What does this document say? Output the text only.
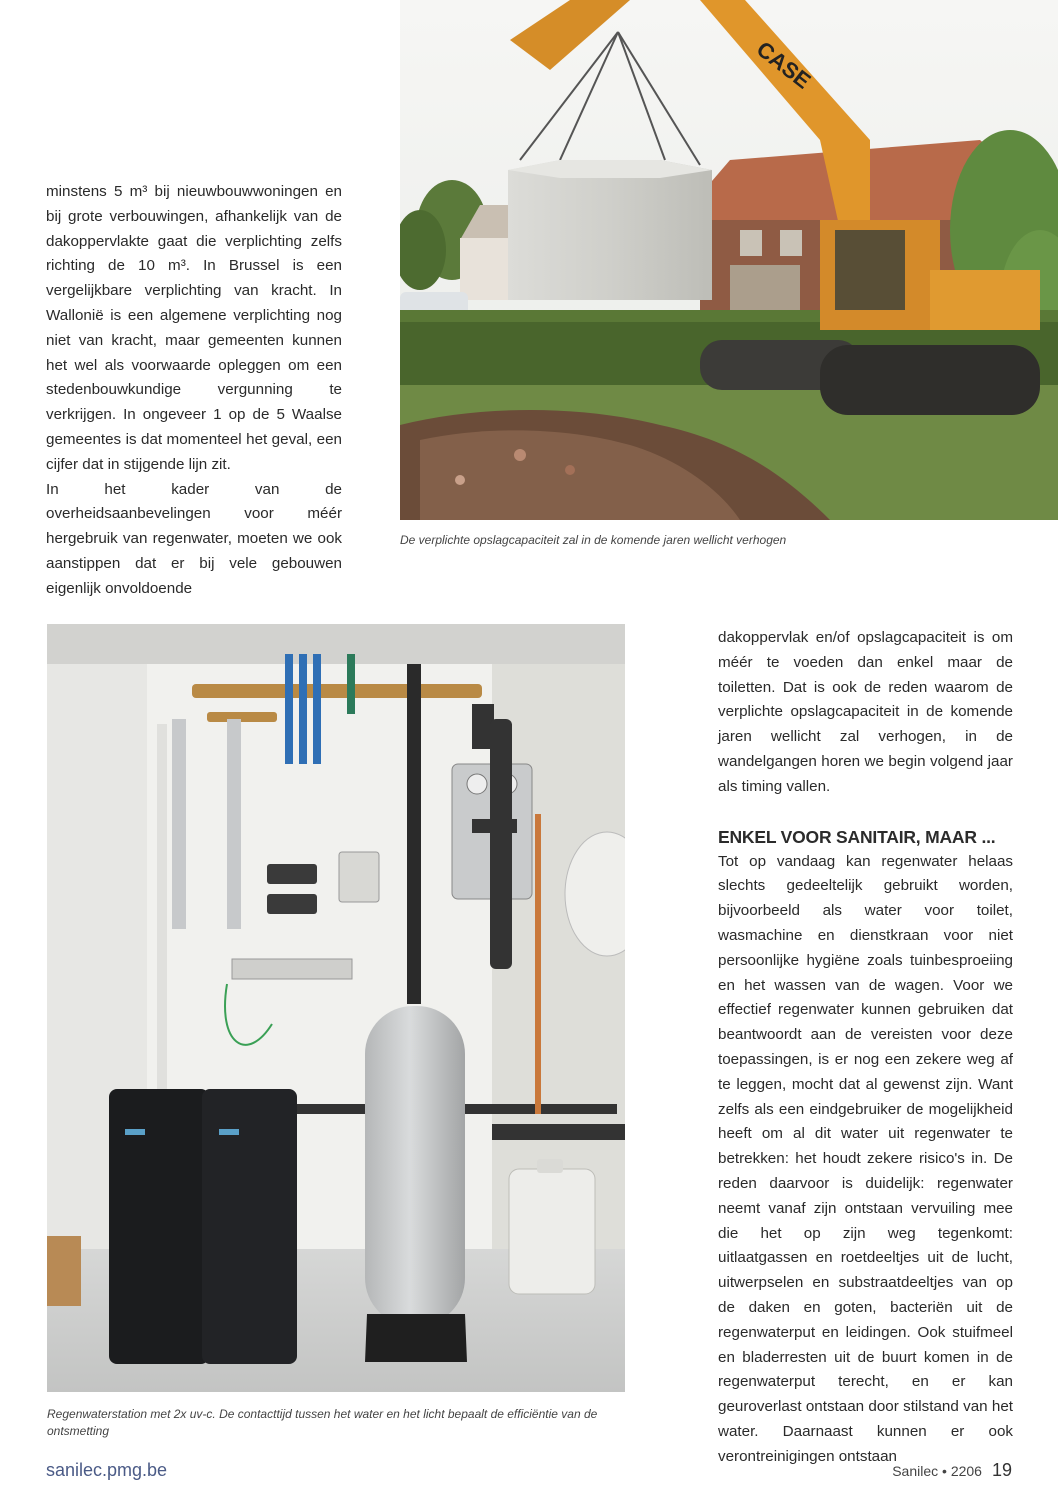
minstens 5 m³ bij nieuwbouwwoningen en bij grote verbouwingen, afhankelijk van de dakoppervlakte gaat die verplichting zelfs richting de 10 m³. In Brussel is een vergelijkbare verplichting van kracht. In Wallonië is een algemene verplichting nog niet van kracht, maar gemeenten kunnen het wel als voorwaarde opleggen om een stedenbouwkundige vergunning te verkrijgen. In ongeveer 1 op de 5 Waalse gemeentes is dat momenteel het geval, een cijfer dat in stijgende lijn zit.

In het kader van de overheidsaanbevelingen voor méér hergebruik van regenwater, moeten we ook aanstippen dat er bij vele gebouwen eigenlijk onvoldoende

CASE
De verplichte opslagcapaciteit zal in de komende jaren wellicht verhogen
Regenwaterstation met 2x uv-c. De contacttijd tussen het water en het licht bepaalt de efficiëntie van de ontsmetting

dakoppervlak en/of opslagcapaciteit is om méér te voeden dan enkel maar de toiletten. Dat is ook de reden waarom de verplichte opslagcapaciteit in de komende jaren wellicht zal verhogen, in de wandelgangen horen we begin volgend jaar als timing vallen.

ENKEL VOOR SANITAIR, MAAR ...

Tot op vandaag kan regenwater helaas slechts gedeeltelijk gebruikt worden, bijvoorbeeld als water voor toilet, wasmachine en dienstkraan voor niet persoonlijke hygiëne zoals tuinbesproeiing en het wassen van de wagen. Voor we effectief regenwater kunnen gebruiken dat beantwoordt aan de vereisten voor deze toepassingen, is er nog een zekere weg af te leggen, mocht dat al gewenst zijn. Want zelfs als een eindgebruiker de mogelijkheid heeft om al dit water uit regenwater te betrekken: het houdt zekere risico's in. De reden daarvoor is duidelijk: regenwater neemt vanaf zijn ontstaan vervuiling mee die het op zijn weg tegenkomt: uitlaatgassen en roetdeeltjes uit de lucht, uitwerpselen en substraatdeeltjes van op de daken en goten, bacteriën uit de regenwaterput en leidingen. Ook stuifmeel en bladerresten uit de buurt komen in de regenwaterput terecht, en er kan geuroverlast ontstaan door stilstand van het water. Daarnaast kunnen er ook verontreinigingen ontstaan

sanilec.pmg.be	Sanilec • 2206 19
